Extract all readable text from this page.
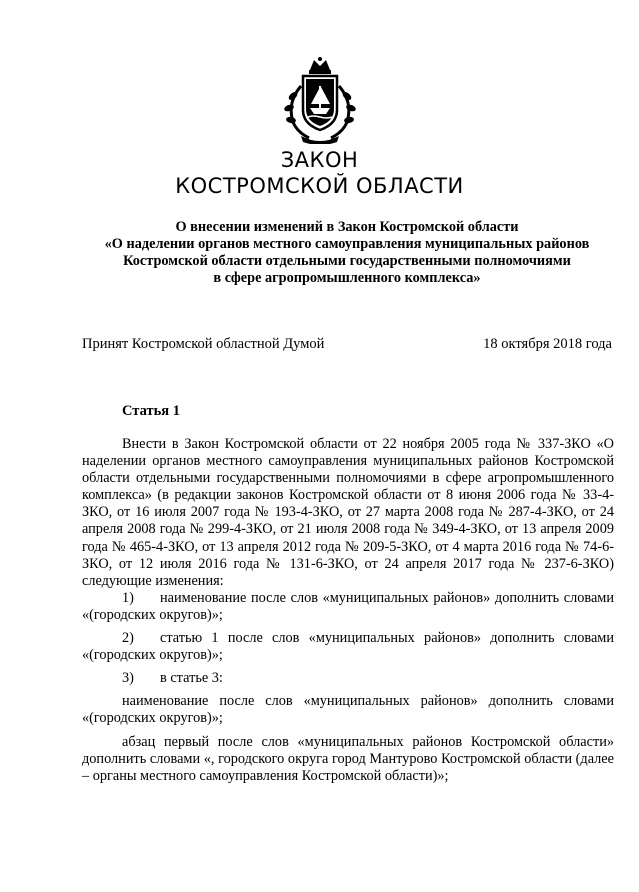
ЗАКОН
КОСТРОМСКОЙ ОБЛАСТИ
О внесении изменений в Закон Костромской области
«О наделении органов местного самоуправления муниципальных районов
Костромской области отдельными государственными полномочиями
в сфере агропромышленного комплекса»
Принят Костромской областной Думой	18 октября 2018 года
Статья 1

Внести в Закон Костромской области от 22 ноября 2005 года № 337-ЗКО «О наделении органов местного самоуправления муниципальных районов Костромской области отдельными государственными полномочиями в сфере агропромышленного комплекса» (в редакции законов Костромской области от 8 июня 2006 года № 33-4-ЗКО, от 16 июля 2007 года № 193-4-ЗКО, от 27 марта 2008 года № 287-4-ЗКО, от 24 апреля 2008 года № 299-4-ЗКО, от 21 июля 2008 года № 349-4-ЗКО, от 13 апреля 2009 года № 465-4-ЗКО, от 13 апреля 2012 года № 209-5-ЗКО, от 4 марта 2016 года № 74-6-ЗКО, от 12 июля 2016 года № 131-6-ЗКО, от 24 апреля 2017 года № 237-6-ЗКО) следующие изменения:

1) наименование после слов «муниципальных районов» дополнить словами «(городских округов)»;

2) статью 1 после слов «муниципальных районов» дополнить словами «(городских округов)»;

3) в статье 3:

наименование после слов «муниципальных районов» дополнить словами «(городских округов)»;

абзац первый после слов «муниципальных районов Костромской области» дополнить словами «, городского округа город Мантурово Костромской области (далее – органы местного самоуправления Костромской области)»;
